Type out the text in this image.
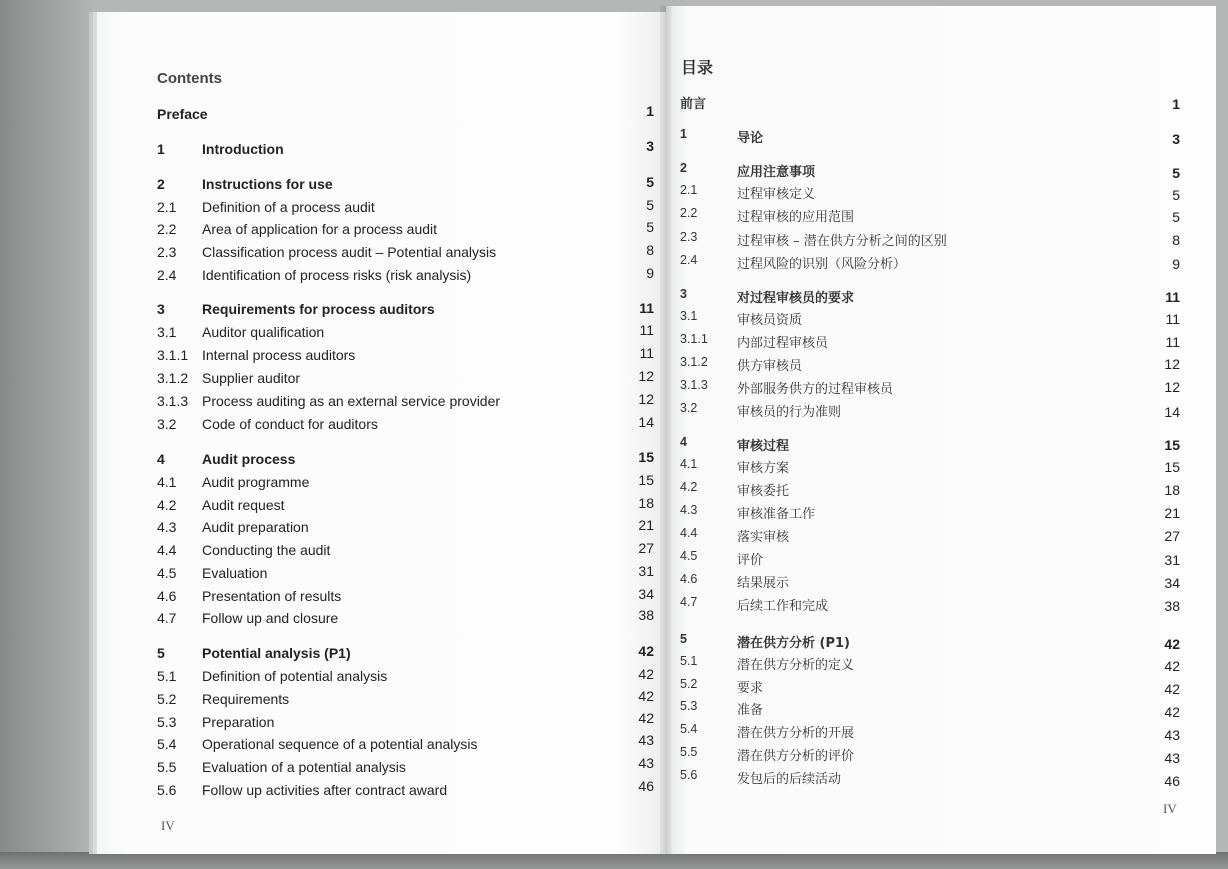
Contents
目录
Preface	1
1	Introduction	3
2	Instructions for use	5
2.1 Definition of a process audit	5
2.2 Area of application for a process audit	5
2.3 Classification process audit – Potential analysis	8
2.4 Identification of process risks (risk analysis)	9
3	Requirements for process auditors	11
3.1 Auditor qualification	11
3.1.1 Internal process auditors	11
3.1.2 Supplier auditor	12
3.1.3 Process auditing as an external service provider	12
3.2 Code of conduct for auditors	14
4	Audit process	15
4.1 Audit programme	15
4.2 Audit request	18
4.3 Audit preparation	21
4.4 Conducting the audit	27
4.5 Evaluation	31
4.6 Presentation of results	34
4.7 Follow up and closure	38
5	Potential analysis (P1)	42
5.1 Definition of potential analysis	42
5.2 Requirements	42
5.3 Preparation	42
5.4 Operational sequence of a potential analysis	43
5.5 Evaluation of a potential analysis	43
5.6 Follow up activities after contract award	46
前言	1
1	导论	3
2	应用注意事项	5
2.1	过程审核定义	5
2.2	过程审核的应用范围	5
2.3	过程审核 – 潜在供方分析之间的区别	8
2.4	过程风险的识别（风险分析）	9
3	对过程审核员的要求	11
3.1	审核员资质	11
3.1.1 内部过程审核员	11
3.1.2 供方审核员	12
3.1.3 外部服务供方的过程审核员	12
3.2	审核员的行为准则	14
4	审核过程	15
4.1	审核方案	15
4.2	审核委托	18
4.3	审核准备工作	21
4.4	落实审核	27
4.5	评价	31
4.6	结果展示	34
4.7	后续工作和完成	38
5	潜在供方分析 (P1)	42
5.1	潜在供方分析的定义	42
5.2	要求	42
5.3	准备	42
5.4	潜在供方分析的开展	43
5.5	潜在供方分析的评价	43
5.6	发包后的后续活动	46
IV
IV
